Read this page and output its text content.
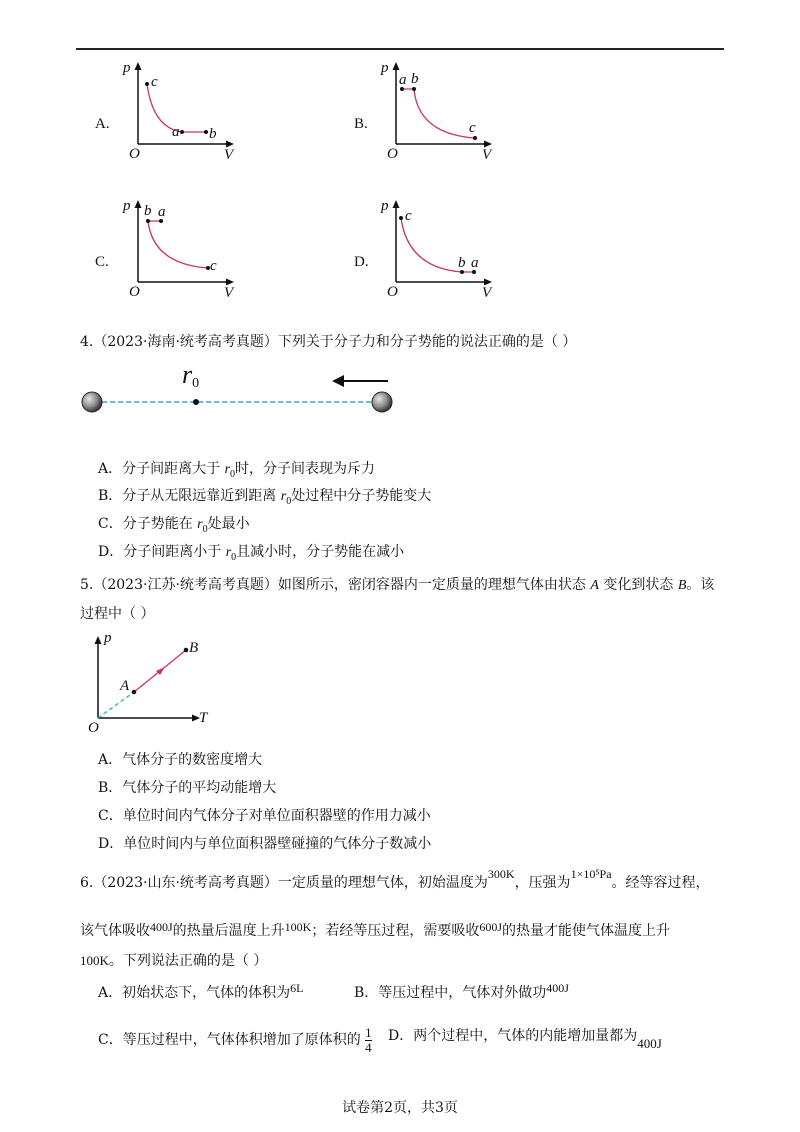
A.
p
c
a b
O	V
B.
p
a b
c
O	V
C.
p b a
c
O	V
D.
p
c
b a
O	V
4.（2023·海南·统考高考真题）下列关于分子力和分子势能的说法正确的是（ ）
r0
A．分子间距离大于 $r_0$时，分子间表现为斥力
B．分子从无限远靠近到距离 $r_0$处过程中分子势能变大
C．分子势能在 $r_0$处最小
D．分子间距离小于 $r_0$且减小时，分子势能在减小
5.（2023·江苏·统考高考真题）如图所示，密闭容器内一定质量的理想气体由状态 A 变化到状态 B。该
过程中（ ）
p
A
B
O
T
A．气体分子的数密度增大
B．气体分子的平均动能增大
C．单位时间内气体分子对单位面积器壁的作用力减小
D．单位时间内与单位面积器壁碰撞的气体分子数减小
6.（2023·山东·统考高考真题）一定质量的理想气体，初始温度为300K，压强为1×10⁵Pa。经等容过程，
该气体吸收400J的热量后温度上升100K；若经等压过程，需要吸收600J的热量才能使气体温度上升
100K。下列说法正确的是（ ）
A．初始状态下，气体的体积为6L	B．等压过程中，气体对外做功400J
C．等压过程中，气体体积增加了原体积的 $\frac{1}{4}$ D．两个过程中，气体的内能增加量都为400J
试卷第2页，共3页
